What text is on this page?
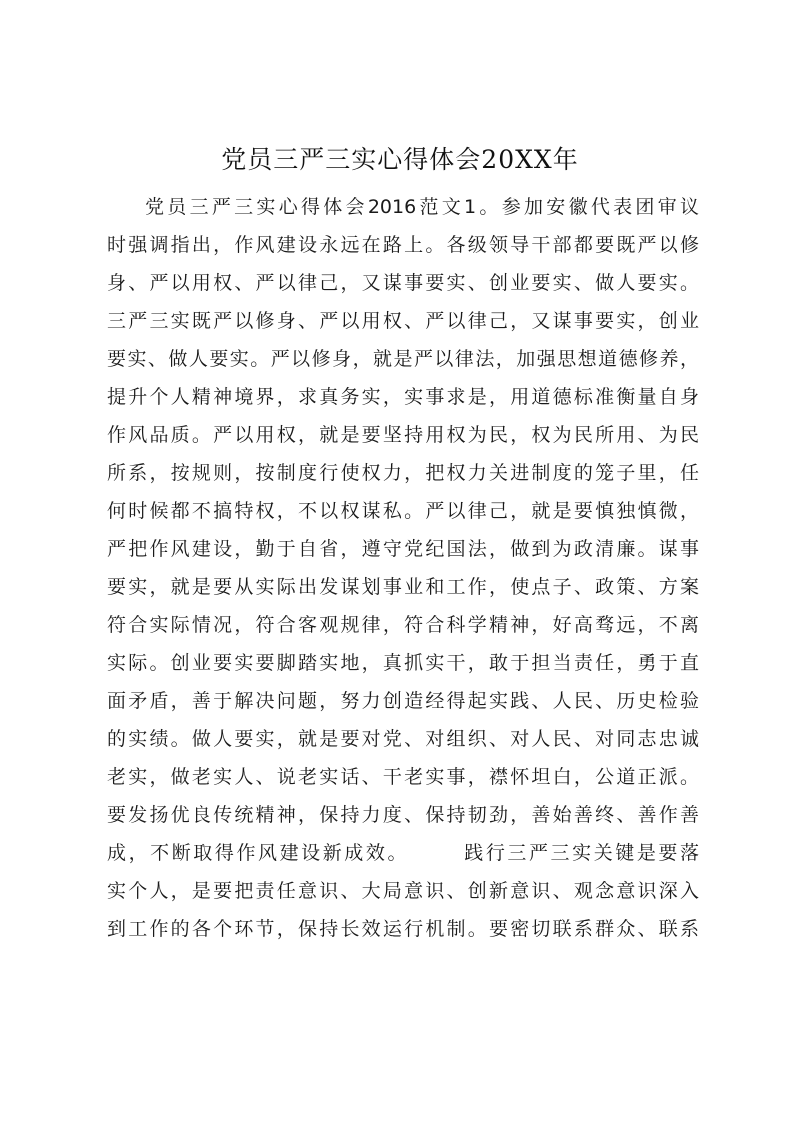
党员三严三实心得体会20XX年
党员三严三实心得体会2016范文1。参加安徽代表团审议
时强调指出，作风建设永远在路上。各级领导干部都要既严以修
身、严以用权、严以律己，又谋事要实、创业要实、做人要实。
三严三实既严以修身、严以用权、严以律己，又谋事要实，创业
要实、做人要实。严以修身，就是严以律法，加强思想道德修养，
提升个人精神境界，求真务实，实事求是，用道德标准衡量自身
作风品质。严以用权，就是要坚持用权为民，权为民所用、为民
所系，按规则，按制度行使权力，把权力关进制度的笼子里，任
何时候都不搞特权，不以权谋私。严以律己，就是要慎独慎微，
严把作风建设，勤于自省，遵守党纪国法，做到为政清廉。谋事
要实，就是要从实际出发谋划事业和工作，使点子、政策、方案
符合实际情况，符合客观规律，符合科学精神，好高骛远，不离
实际。创业要实要脚踏实地，真抓实干，敢于担当责任，勇于直
面矛盾，善于解决问题，努力创造经得起实践、人民、历史检验
的实绩。做人要实，就是要对党、对组织、对人民、对同志忠诚
老实，做老实人、说老实话、干老实事，襟怀坦白，公道正派。
要发扬优良传统精神，保持力度、保持韧劲，善始善终、善作善
成，不断取得作风建设新成效。　　　践行三严三实关键是要落
实个人，是要把责任意识、大局意识、创新意识、观念意识深入
到工作的各个环节，保持长效运行机制。要密切联系群众、联系
